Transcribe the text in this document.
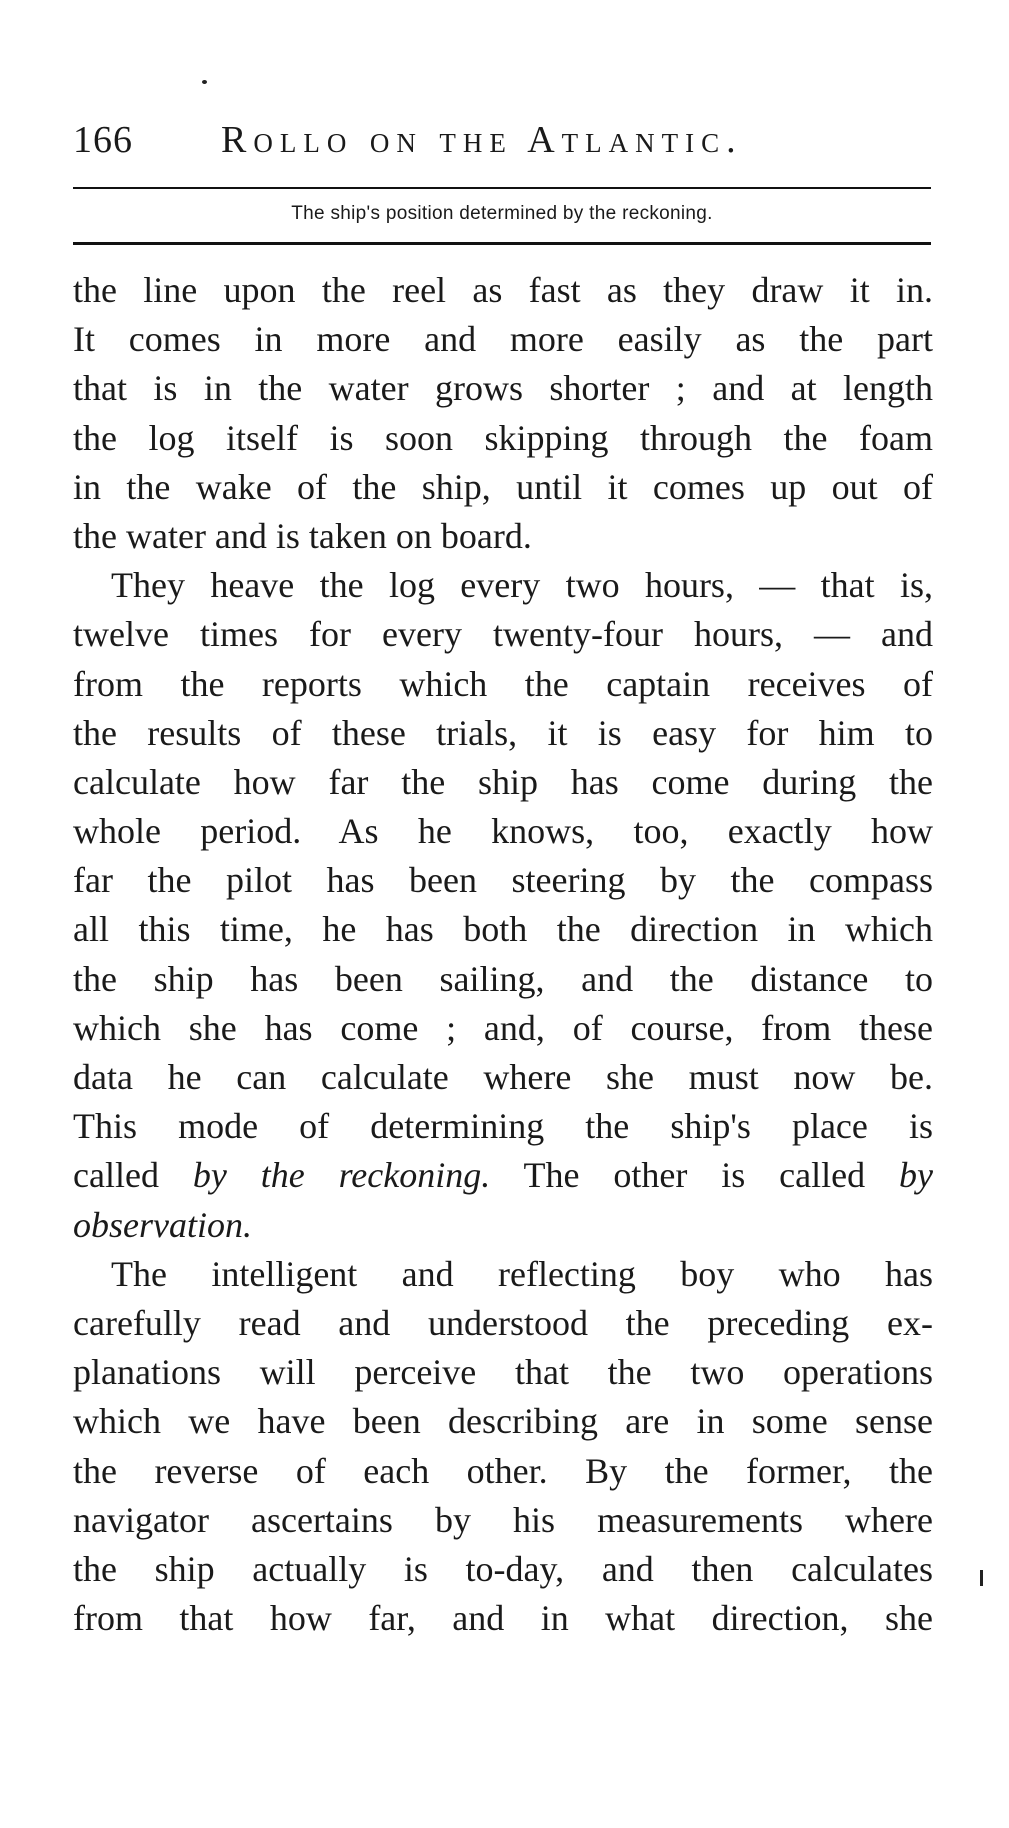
166 Rollo on the Atlantic.
The ship's position determined by the reckoning.
the line upon the reel as fast as they draw it in.
It comes in more and more easily as the part
that is in the water grows shorter ; and at length
the log itself is soon skipping through the foam
in the wake of the ship, until it comes up out of
the water and is taken on board.
They heave the log every two hours, — that is,
twelve times for every twenty-four hours, — and
from the reports which the captain receives of
the results of these trials, it is easy for him to
calculate how far the ship has come during the
whole period. As he knows, too, exactly how
far the pilot has been steering by the compass
all this time, he has both the direction in which
the ship has been sailing, and the distance to
which she has come ; and, of course, from these
data he can calculate where she must now be.
This mode of determining the ship's place is
called by the reckoning. The other is called by
observation.
The intelligent and reflecting boy who has
carefully read and understood the preceding ex-
planations will perceive that the two operations
which we have been describing are in some sense
the reverse of each other. By the former, the
navigator ascertains by his measurements where
the ship actually is to-day, and then calculates
from that how far, and in what direction, she
